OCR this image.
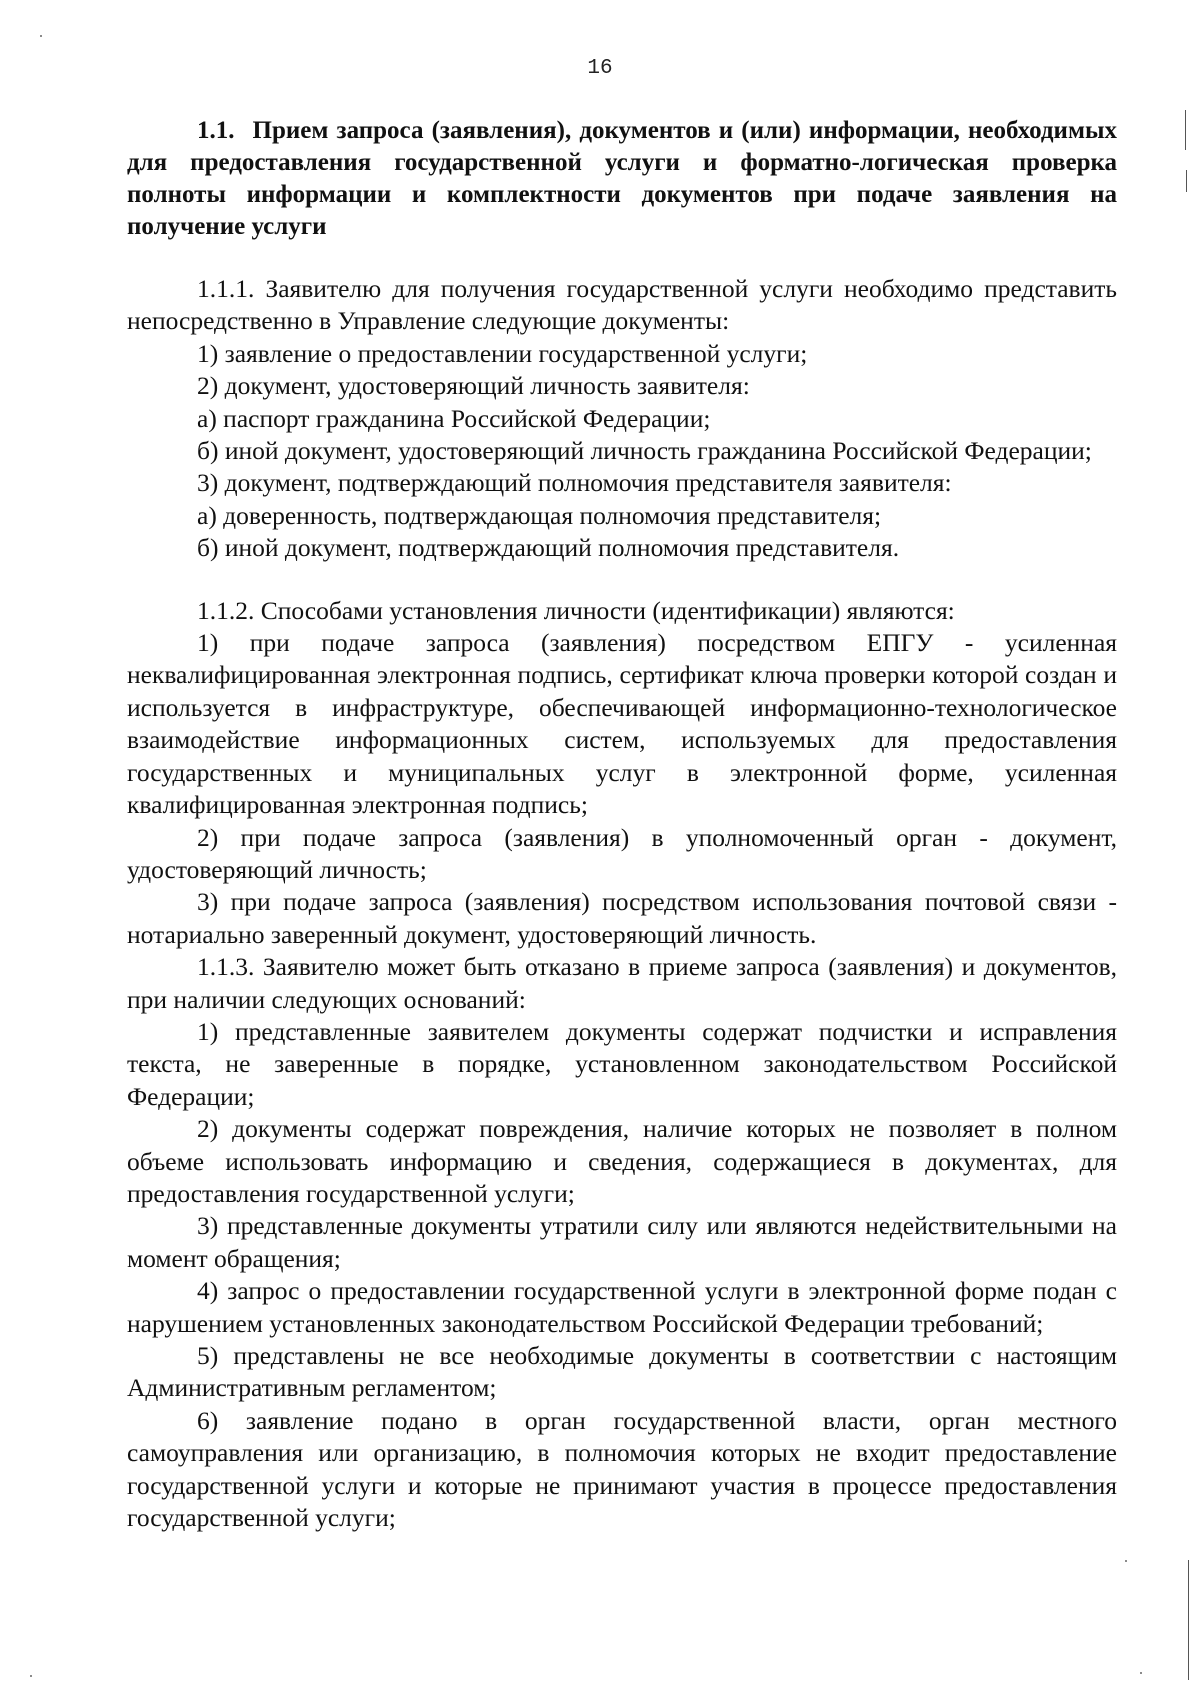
16
1.1. Прием запроса (заявления), документов и (или) информации, необходимых для предоставления государственной услуги и форматно-логическая проверка полноты информации и комплектности документов при подаче заявления на получение услуги

1.1.1. Заявителю для получения государственной услуги необходимо представить непосредственно в Управление следующие документы:

1) заявление о предоставлении государственной услуги;

2) документ, удостоверяющий личность заявителя:

а) паспорт гражданина Российской Федерации;

б) иной документ, удостоверяющий личность гражданина Российской Федерации;

3) документ, подтверждающий полномочия представителя заявителя:

а) доверенность, подтверждающая полномочия представителя;

б) иной документ, подтверждающий полномочия представителя.

1.1.2. Способами установления личности (идентификации) являются:

1) при подаче запроса (заявления) посредством ЕПГУ - усиленная неквалифицированная электронная подпись, сертификат ключа проверки которой создан и используется в инфраструктуре, обеспечивающей информационно-технологическое взаимодействие информационных систем, используемых для предоставления государственных и муниципальных услуг в электронной форме, усиленная квалифицированная электронная подпись;

2) при подаче запроса (заявления) в уполномоченный орган - документ, удостоверяющий личность;

3) при подаче запроса (заявления) посредством использования почтовой связи - нотариально заверенный документ, удостоверяющий личность.

1.1.3. Заявителю может быть отказано в приеме запроса (заявления) и документов, при наличии следующих оснований:

1) представленные заявителем документы содержат подчистки и исправления текста, не заверенные в порядке, установленном законодательством Российской Федерации;

2) документы содержат повреждения, наличие которых не позволяет в полном объеме использовать информацию и сведения, содержащиеся в документах, для предоставления государственной услуги;

3) представленные документы утратили силу или являются недействительными на момент обращения;

4) запрос о предоставлении государственной услуги в электронной форме подан с нарушением установленных законодательством Российской Федерации требований;

5) представлены не все необходимые документы в соответствии с настоящим Административным регламентом;

6) заявление подано в орган государственной власти, орган местного самоуправления или организацию, в полномочия которых не входит предоставление государственной услуги и которые не принимают участия в процессе предоставления государственной услуги;
